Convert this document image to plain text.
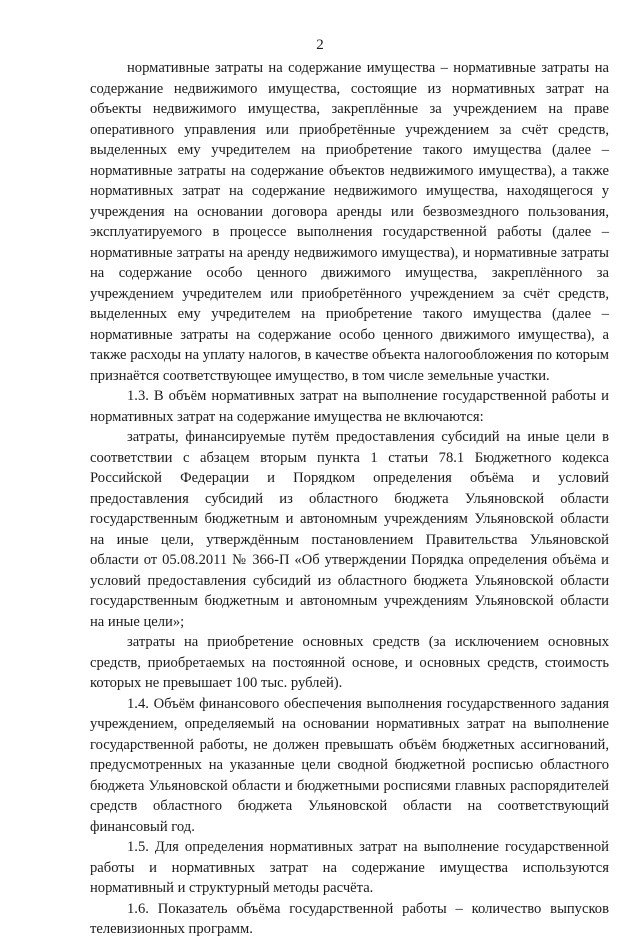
2

нормативные затраты на содержание имущества – нормативные затраты на содержание недвижимого имущества, состоящие из нормативных затрат на объекты недвижимого имущества, закреплённые за учреждением на праве оперативного управления или приобретённые учреждением за счёт средств, выделенных ему учредителем на приобретение такого имущества (далее – нормативные затраты на содержание объектов недвижимого имущества), а также нормативных затрат на содержание недвижимого имущества, находящегося у учреждения на основании договора аренды или безвозмездного пользования, эксплуатируемого в процессе выполнения государственной работы (далее – нормативные затраты на аренду недвижимого имущества), и нормативные затраты на содержание особо ценного движимого имущества, закреплённого за учреждением учредителем или приобретённого учреждением за счёт средств, выделенных ему учредителем на приобретение такого имущества (далее – нормативные затраты на содержание особо ценного движимого имущества), а также расходы на уплату налогов, в качестве объекта налогообложения по которым признаётся соответствующее имущество, в том числе земельные участки.

1.3. В объём нормативных затрат на выполнение государственной работы и нормативных затрат на содержание имущества не включаются:

затраты, финансируемые путём предоставления субсидий на иные цели в соответствии с абзацем вторым пункта 1 статьи 78.1 Бюджетного кодекса Российской Федерации и Порядком определения объёма и условий предоставления субсидий из областного бюджета Ульяновской области государственным бюджетным и автономным учреждениям Ульяновской области на иные цели, утверждённым постановлением Правительства Ульяновской области от 05.08.2011 № 366-П «Об утверждении Порядка определения объёма и условий предоставления субсидий из областного бюджета Ульяновской области государственным бюджетным и автономным учреждениям Ульяновской области на иные цели»;

затраты на приобретение основных средств (за исключением основных средств, приобретаемых на постоянной основе, и основных средств, стоимость которых не превышает 100 тыс. рублей).

1.4. Объём финансового обеспечения выполнения государственного задания учреждением, определяемый на основании нормативных затрат на выполнение государственной работы, не должен превышать объём бюджетных ассигнований, предусмотренных на указанные цели сводной бюджетной росписью областного бюджета Ульяновской области и бюджетными росписями главных распорядителей средств областного бюджета Ульяновской области на соответствующий финансовый год.

1.5. Для определения нормативных затрат на выполнение государственной работы и нормативных затрат на содержание имущества используются нормативный и структурный методы расчёта.

1.6. Показатель объёма государственной работы – количество выпусков телевизионных программ.
